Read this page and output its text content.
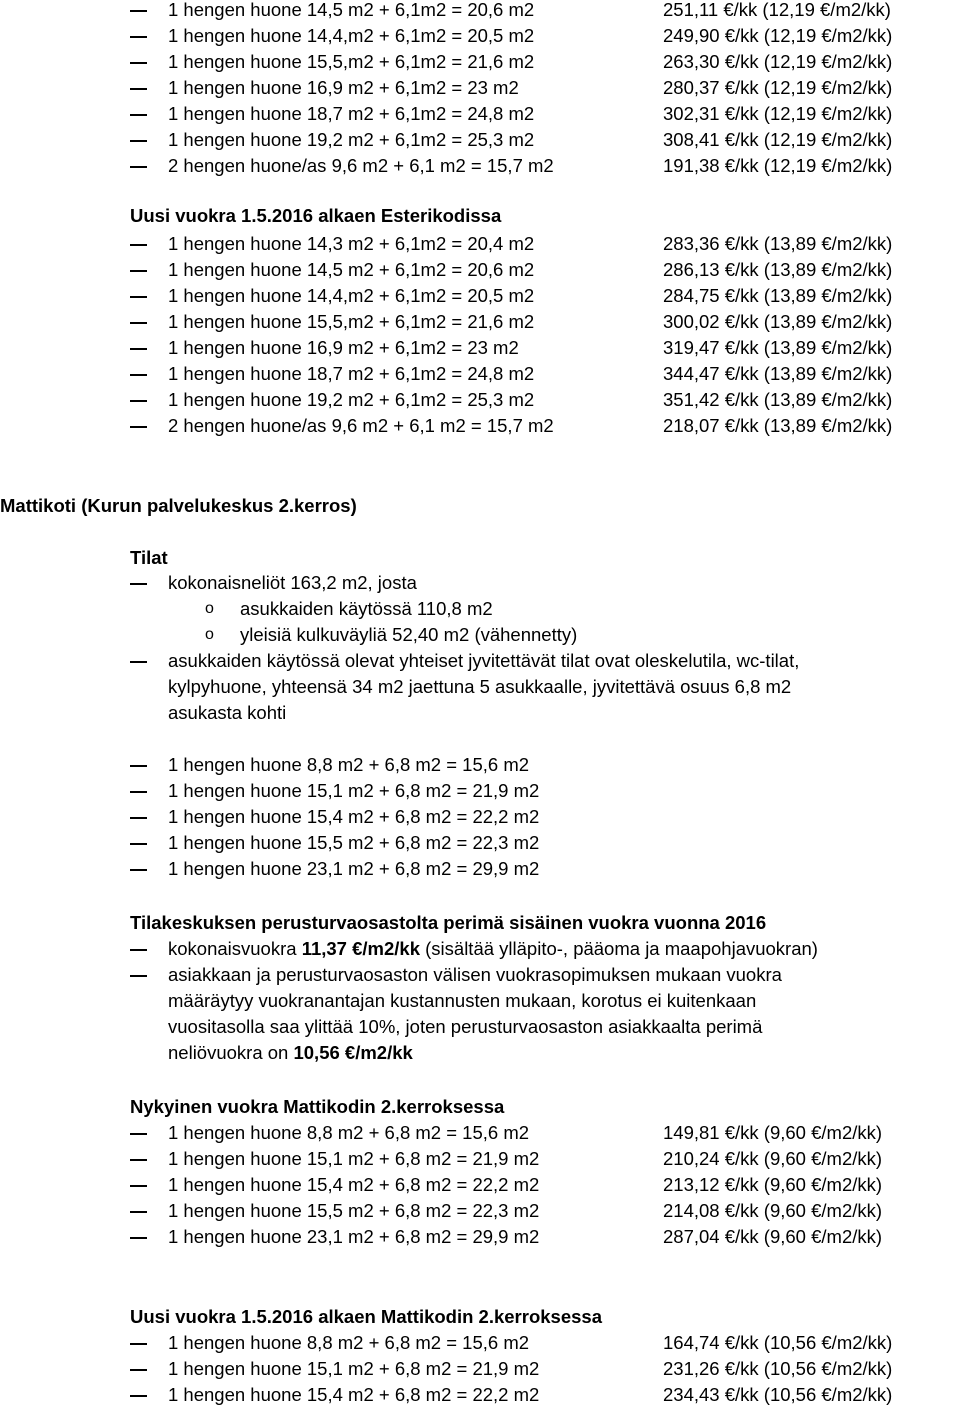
1 hengen huone 14,5 m2 + 6,1m2 = 20,6 m2	251,11 €/kk (12,19 €/m2/kk)
1 hengen huone 14,4,m2 + 6,1m2 = 20,5 m2	249,90 €/kk (12,19 €/m2/kk)
1 hengen huone 15,5,m2 + 6,1m2 = 21,6 m2	263,30 €/kk (12,19 €/m2/kk)
1 hengen huone 16,9 m2 + 6,1m2 = 23 m2	280,37 €/kk (12,19 €/m2/kk)
1 hengen huone 18,7 m2 + 6,1m2 = 24,8 m2	302,31 €/kk (12,19 €/m2/kk)
1 hengen huone 19,2 m2 + 6,1m2 = 25,3 m2	308,41 €/kk (12,19 €/m2/kk)
2 hengen huone/as 9,6 m2 + 6,1 m2 = 15,7 m2	191,38 €/kk (12,19 €/m2/kk)
Uusi vuokra 1.5.2016 alkaen Esterikodissa
1 hengen huone 14,3 m2 + 6,1m2 = 20,4 m2	283,36 €/kk (13,89 €/m2/kk)
1 hengen huone 14,5 m2 + 6,1m2 = 20,6 m2	286,13 €/kk (13,89 €/m2/kk)
1 hengen huone 14,4,m2 + 6,1m2 = 20,5 m2	284,75 €/kk (13,89 €/m2/kk)
1 hengen huone 15,5,m2 + 6,1m2 = 21,6 m2	300,02 €/kk (13,89 €/m2/kk)
1 hengen huone 16,9 m2 + 6,1m2 = 23 m2	319,47 €/kk (13,89 €/m2/kk)
1 hengen huone 18,7 m2 + 6,1m2 = 24,8 m2	344,47 €/kk (13,89 €/m2/kk)
1 hengen huone 19,2 m2 + 6,1m2 = 25,3 m2	351,42 €/kk (13,89 €/m2/kk)
2 hengen huone/as 9,6 m2 + 6,1 m2 = 15,7 m2	218,07 €/kk (13,89 €/m2/kk)
Mattikoti (Kurun palvelukeskus 2.kerros)
Tilat
kokonaisneliöt 163,2 m2, josta
o asukkaiden käytössä 110,8 m2
o yleisiä kulkuväyliä 52,40 m2 (vähennetty)
asukkaiden käytössä olevat yhteiset jyvitettävät tilat ovat oleskelutila, wc-tilat,
kylpyhuone, yhteensä 34 m2 jaettuna 5 asukkaalle, jyvitettävä osuus 6,8 m2
asukasta kohti
1 hengen huone 8,8 m2 + 6,8 m2 = 15,6 m2
1 hengen huone 15,1 m2 + 6,8 m2 = 21,9 m2
1 hengen huone 15,4 m2 + 6,8 m2 = 22,2 m2
1 hengen huone 15,5 m2 + 6,8 m2 = 22,3 m2
1 hengen huone 23,1 m2 + 6,8 m2 = 29,9 m2
Tilakeskuksen perusturvaosastolta perimä sisäinen vuokra vuonna 2016
kokonaisvuokra 11,37 €/m2/kk (sisältää ylläpito-, pääoma ja maapohjavuokran)
asiakkaan ja perusturvaosaston välisen vuokrasopimuksen mukaan vuokra
määräytyy vuokranantajan kustannusten mukaan, korotus ei kuitenkaan
vuositasolla saa ylittää 10%, joten perusturvaosaston asiakkaalta perimä
neliövuokra on 10,56 €/m2/kk
Nykyinen vuokra Mattikodin 2.kerroksessa
1 hengen huone 8,8 m2 + 6,8 m2 = 15,6 m2	149,81 €/kk (9,60 €/m2/kk)
1 hengen huone 15,1 m2 + 6,8 m2 = 21,9 m2	210,24 €/kk (9,60 €/m2/kk)
1 hengen huone 15,4 m2 + 6,8 m2 = 22,2 m2	213,12 €/kk (9,60 €/m2/kk)
1 hengen huone 15,5 m2 + 6,8 m2 = 22,3 m2	214,08 €/kk (9,60 €/m2/kk)
1 hengen huone 23,1 m2 + 6,8 m2 = 29,9 m2	287,04 €/kk (9,60 €/m2/kk)
Uusi vuokra 1.5.2016 alkaen Mattikodin 2.kerroksessa
1 hengen huone 8,8 m2 + 6,8 m2 = 15,6 m2	164,74 €/kk (10,56 €/m2/kk)
1 hengen huone 15,1 m2 + 6,8 m2 = 21,9 m2	231,26 €/kk (10,56 €/m2/kk)
1 hengen huone 15,4 m2 + 6,8 m2 = 22,2 m2	234,43 €/kk (10,56 €/m2/kk)
